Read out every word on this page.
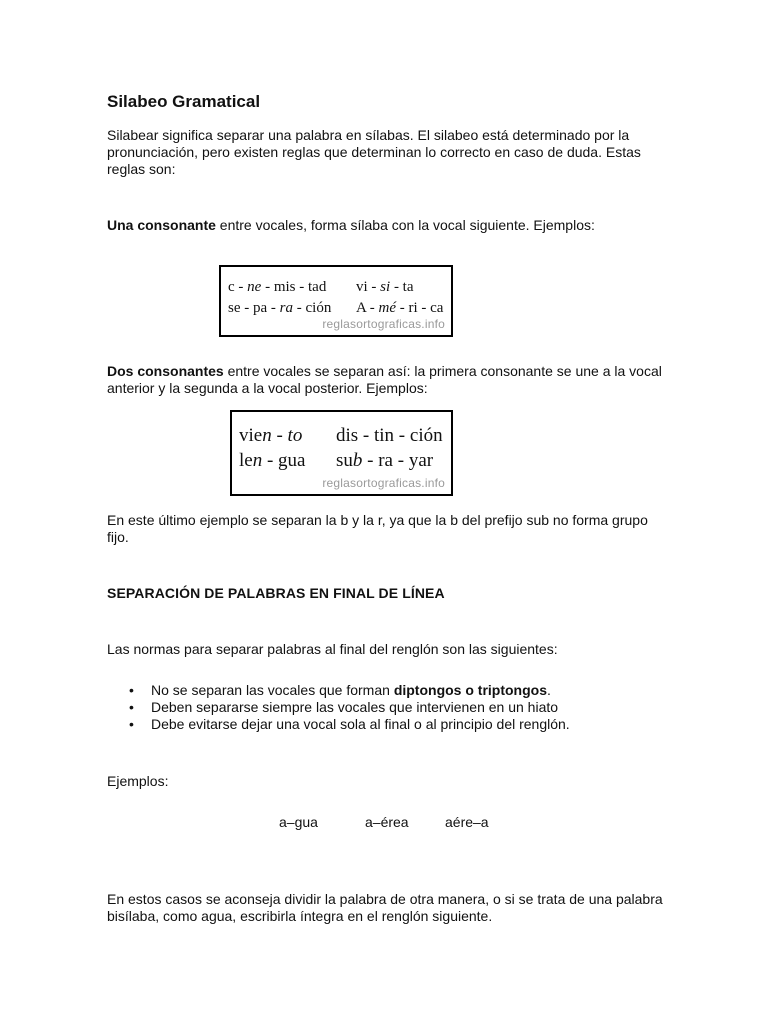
Silabeo Gramatical
Silabear significa separar una palabra en sílabas. El silabeo está determinado por la
pronunciación, pero existen reglas que determinan lo correcto en caso de duda. Estas
reglas son:
Una consonante entre vocales, forma sílaba con la vocal siguiente. Ejemplos:
c - ne - mis - tad vi - si - ta
se - pa - ra - ción A - mé - ri - ca
reglasortograficas.info
Dos consonantes entre vocales se separan así: la primera consonante se une a la vocal
anterior y la segunda a la vocal posterior. Ejemplos:
vien - to dis - tin - ción
len - gua sub - ra - yar
reglasortograficas.info
En este último ejemplo se separan la b y la r, ya que la b del prefijo sub no forma grupo
fijo.
SEPARACIÓN DE PALABRAS EN FINAL DE LÍNEA
Las normas para separar palabras al final del renglón son las siguientes:
• No se separan las vocales que forman diptongos o triptongos.
• Deben separarse siempre las vocales que intervienen en un hiato
• Debe evitarse dejar una vocal sola al final o al principio del renglón.
Ejemplos:
a–gua	a–érea	aére–a
En estos casos se aconseja dividir la palabra de otra manera, o si se trata de una palabra
bisílaba, como agua, escribirla íntegra en el renglón siguiente.
